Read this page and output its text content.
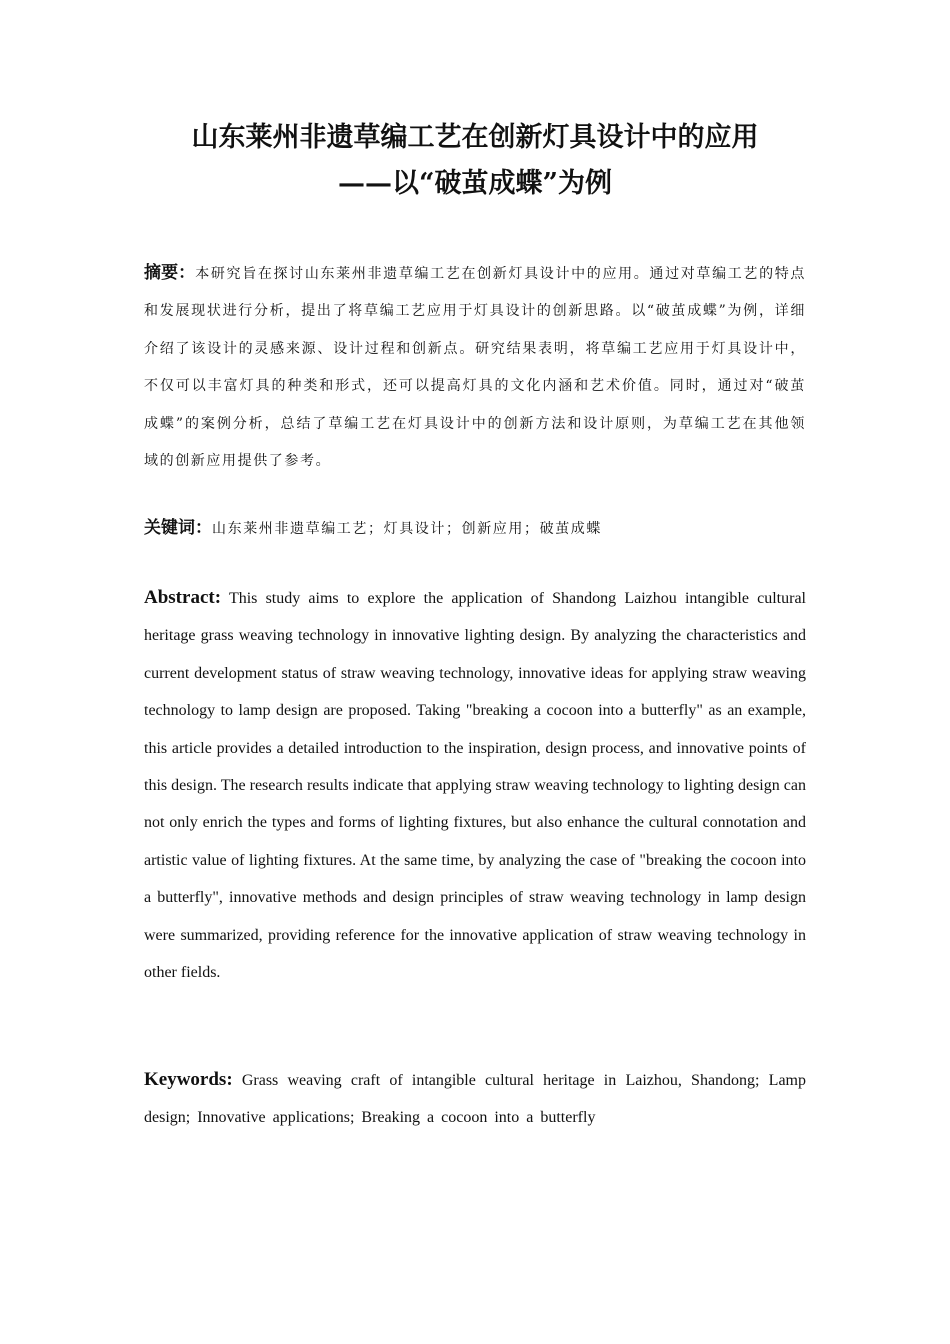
山东莱州非遗草编工艺在创新灯具设计中的应用
——以“破茧成蝶”为例
摘要：本研究旨在探讨山东莱州非遗草编工艺在创新灯具设计中的应用。通过对草编工艺的特点和发展现状进行分析，提出了将草编工艺应用于灯具设计的创新思路。以“破茧成蝶”为例，详细介绍了该设计的灵感来源、设计过程和创新点。研究结果表明，将草编工艺应用于灯具设计中，不仅可以丰富灯具的种类和形式，还可以提高灯具的文化内涵和艺术价值。同时，通过对“破茧成蝶”的案例分析，总结了草编工艺在灯具设计中的创新方法和设计原则，为草编工艺在其他领域的创新应用提供了参考。
关键词：山东莱州非遗草编工艺；灯具设计；创新应用；破茧成蝶
Abstract: This study aims to explore the application of Shandong Laizhou intangible cultural heritage grass weaving technology in innovative lighting design. By analyzing the characteristics and current development status of straw weaving technology, innovative ideas for applying straw weaving technology to lamp design are proposed. Taking "breaking a cocoon into a butterfly" as an example, this article provides a detailed introduction to the inspiration, design process, and innovative points of this design. The research results indicate that applying straw weaving technology to lighting design can not only enrich the types and forms of lighting fixtures, but also enhance the cultural connotation and artistic value of lighting fixtures. At the same time, by analyzing the case of "breaking the cocoon into a butterfly", innovative methods and design principles of straw weaving technology in lamp design were summarized, providing reference for the innovative application of straw weaving technology in other fields.
Keywords: Grass weaving craft of intangible cultural heritage in Laizhou, Shandong; Lamp design; Innovative applications; Breaking a cocoon into a butterfly
